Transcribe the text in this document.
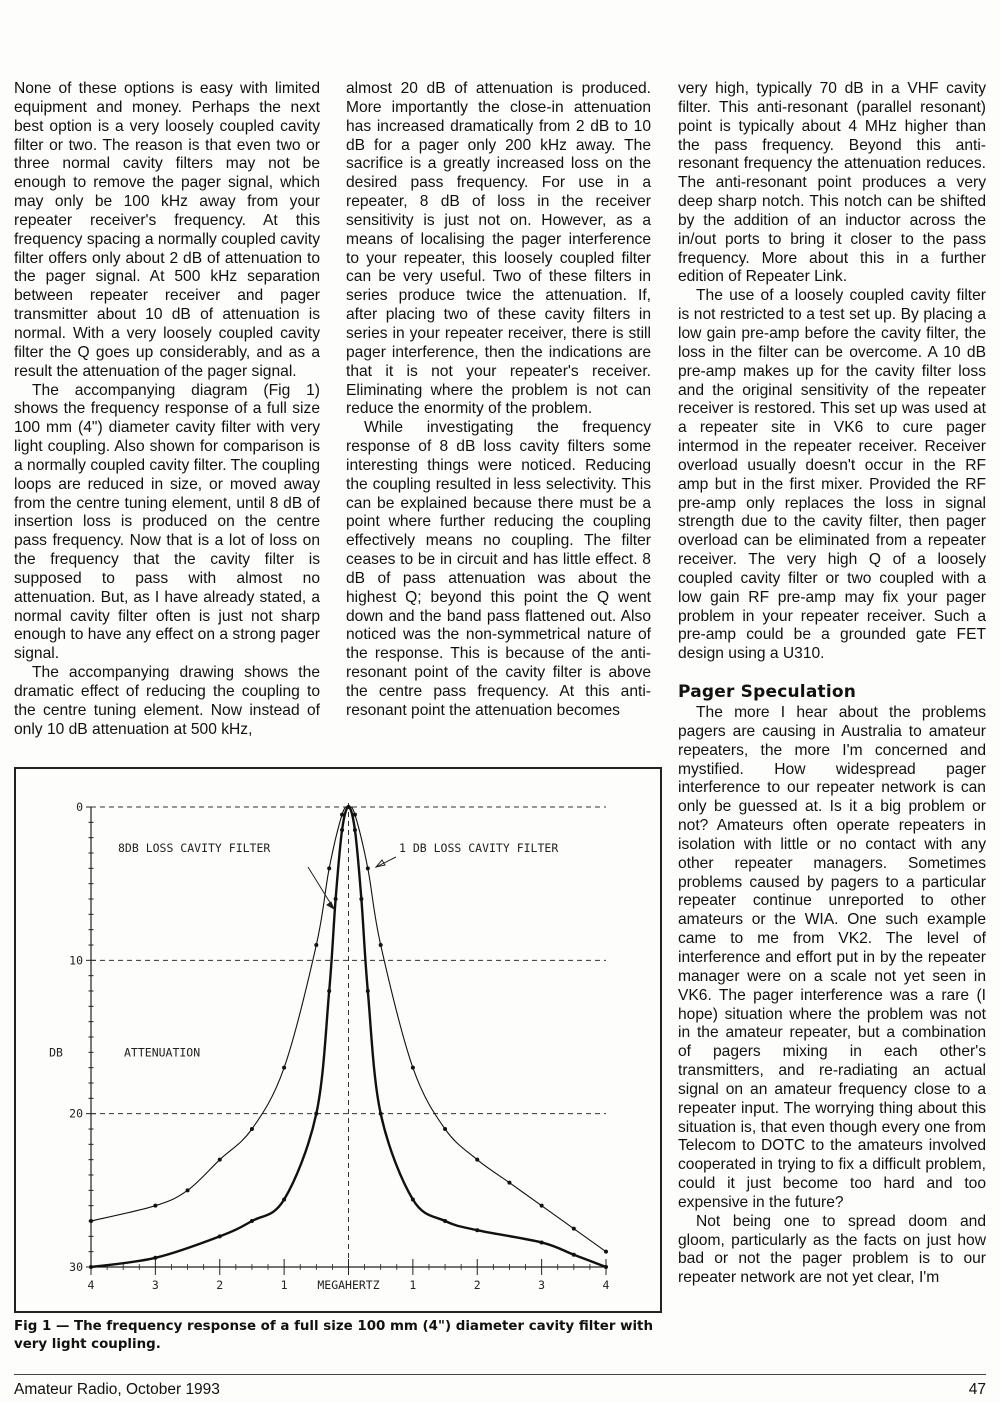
None of these options is easy with limited equipment and money. Perhaps the next best option is a very loosely coupled cavity filter or two. The reason is that even two or three normal cavity filters may not be enough to remove the pager signal, which may only be 100 kHz away from your repeater receiver's frequency. At this frequency spacing a normally coupled cavity filter offers only about 2 dB of attenuation to the pager signal. At 500 kHz separation between repeater receiver and pager transmitter about 10 dB of attenuation is normal. With a very loosely coupled cavity filter the Q goes up considerably, and as a result the attenuation of the pager signal.

The accompanying diagram (Fig 1) shows the frequency response of a full size 100 mm (4") diameter cavity filter with very light coupling. Also shown for comparison is a normally coupled cavity filter. The coupling loops are reduced in size, or moved away from the centre tuning element, until 8 dB of insertion loss is produced on the centre pass frequency. Now that is a lot of loss on the frequency that the cavity filter is supposed to pass with almost no attenuation. But, as I have already stated, a normal cavity filter often is just not sharp enough to have any effect on a strong pager signal.

The accompanying drawing shows the dramatic effect of reducing the coupling to the centre tuning element. Now instead of only 10 dB attenuation at 500 kHz,

almost 20 dB of attenuation is produced. More importantly the close-in attenuation has increased dramatically from 2 dB to 10 dB for a pager only 200 kHz away. The sacrifice is a greatly increased loss on the desired pass frequency. For use in a repeater, 8 dB of loss in the receiver sensitivity is just not on. However, as a means of localising the pager interference to your repeater, this loosely coupled filter can be very useful. Two of these filters in series produce twice the attenuation. If, after placing two of these cavity filters in series in your repeater receiver, there is still pager interference, then the indications are that it is not your repeater's receiver. Eliminating where the problem is not can reduce the enormity of the problem.

While investigating the frequency response of 8 dB loss cavity filters some interesting things were noticed. Reducing the coupling resulted in less selectivity. This can be explained because there must be a point where further reducing the coupling effectively means no coupling. The filter ceases to be in circuit and has little effect. 8 dB of pass attenuation was about the highest Q; beyond this point the Q went down and the band pass flattened out. Also noticed was the non-symmetrical nature of the response. This is because of the anti-resonant point of the cavity filter is above the centre pass frequency. At this anti-resonant point the attenuation becomes

very high, typically 70 dB in a VHF cavity filter. This anti-resonant (parallel resonant) point is typically about 4 MHz higher than the pass frequency. Beyond this anti-resonant frequency the attenuation reduces. The anti-resonant point produces a very deep sharp notch. This notch can be shifted by the addition of an inductor across the in/out ports to bring it closer to the pass frequency. More about this in a further edition of Repeater Link.

The use of a loosely coupled cavity filter is not restricted to a test set up. By placing a low gain pre-amp before the cavity filter, the loss in the filter can be overcome. A 10 dB pre-amp makes up for the cavity filter loss and the original sensitivity of the repeater receiver is restored. This set up was used at a repeater site in VK6 to cure pager intermod in the repeater receiver. Receiver overload usually doesn't occur in the RF amp but in the first mixer. Provided the RF pre-amp only replaces the loss in signal strength due to the cavity filter, then pager overload can be eliminated from a repeater receiver. The very high Q of a loosely coupled cavity filter or two coupled with a low gain RF pre-amp may fix your pager problem in your repeater receiver. Such a pre-amp could be a grounded gate FET design using a U310.

Pager Speculation

The more I hear about the problems pagers are causing in Australia to amateur repeaters, the more I'm concerned and mystified. How widespread pager interference to our repeater network is can only be guessed at. Is it a big problem or not? Amateurs often operate repeaters in isolation with little or no contact with any other repeater managers. Sometimes problems caused by pagers to a particular repeater continue unreported to other amateurs or the WIA. One such example came to me from VK2. The level of interference and effort put in by the repeater manager were on a scale not yet seen in VK6. The pager interference was a rare (I hope) situation where the problem was not in the amateur repeater, but a combination of pagers mixing in each other's transmitters, and re-radiating an actual signal on an amateur frequency close to a repeater input. The worrying thing about this situation is, that even though every one from Telecom to DOTC to the amateurs involved cooperated in trying to fix a difficult problem, could it just become too hard and too expensive in the future?

Not being one to spread doom and gloom, particularly as the facts on just how bad or not the pager problem is to our repeater network are not yet clear, I'm

0
10
20
30
4	3	2	1	MEGAHERTZ	1	2	3	4
DB	ATTENUATION
8DB LOSS CAVITY FILTER	1 DB LOSS CAVITY FILTER
Fig 1 — The frequency response of a full size 100 mm (4") diameter cavity filter with very light coupling.
Amateur Radio, October 1993	47
